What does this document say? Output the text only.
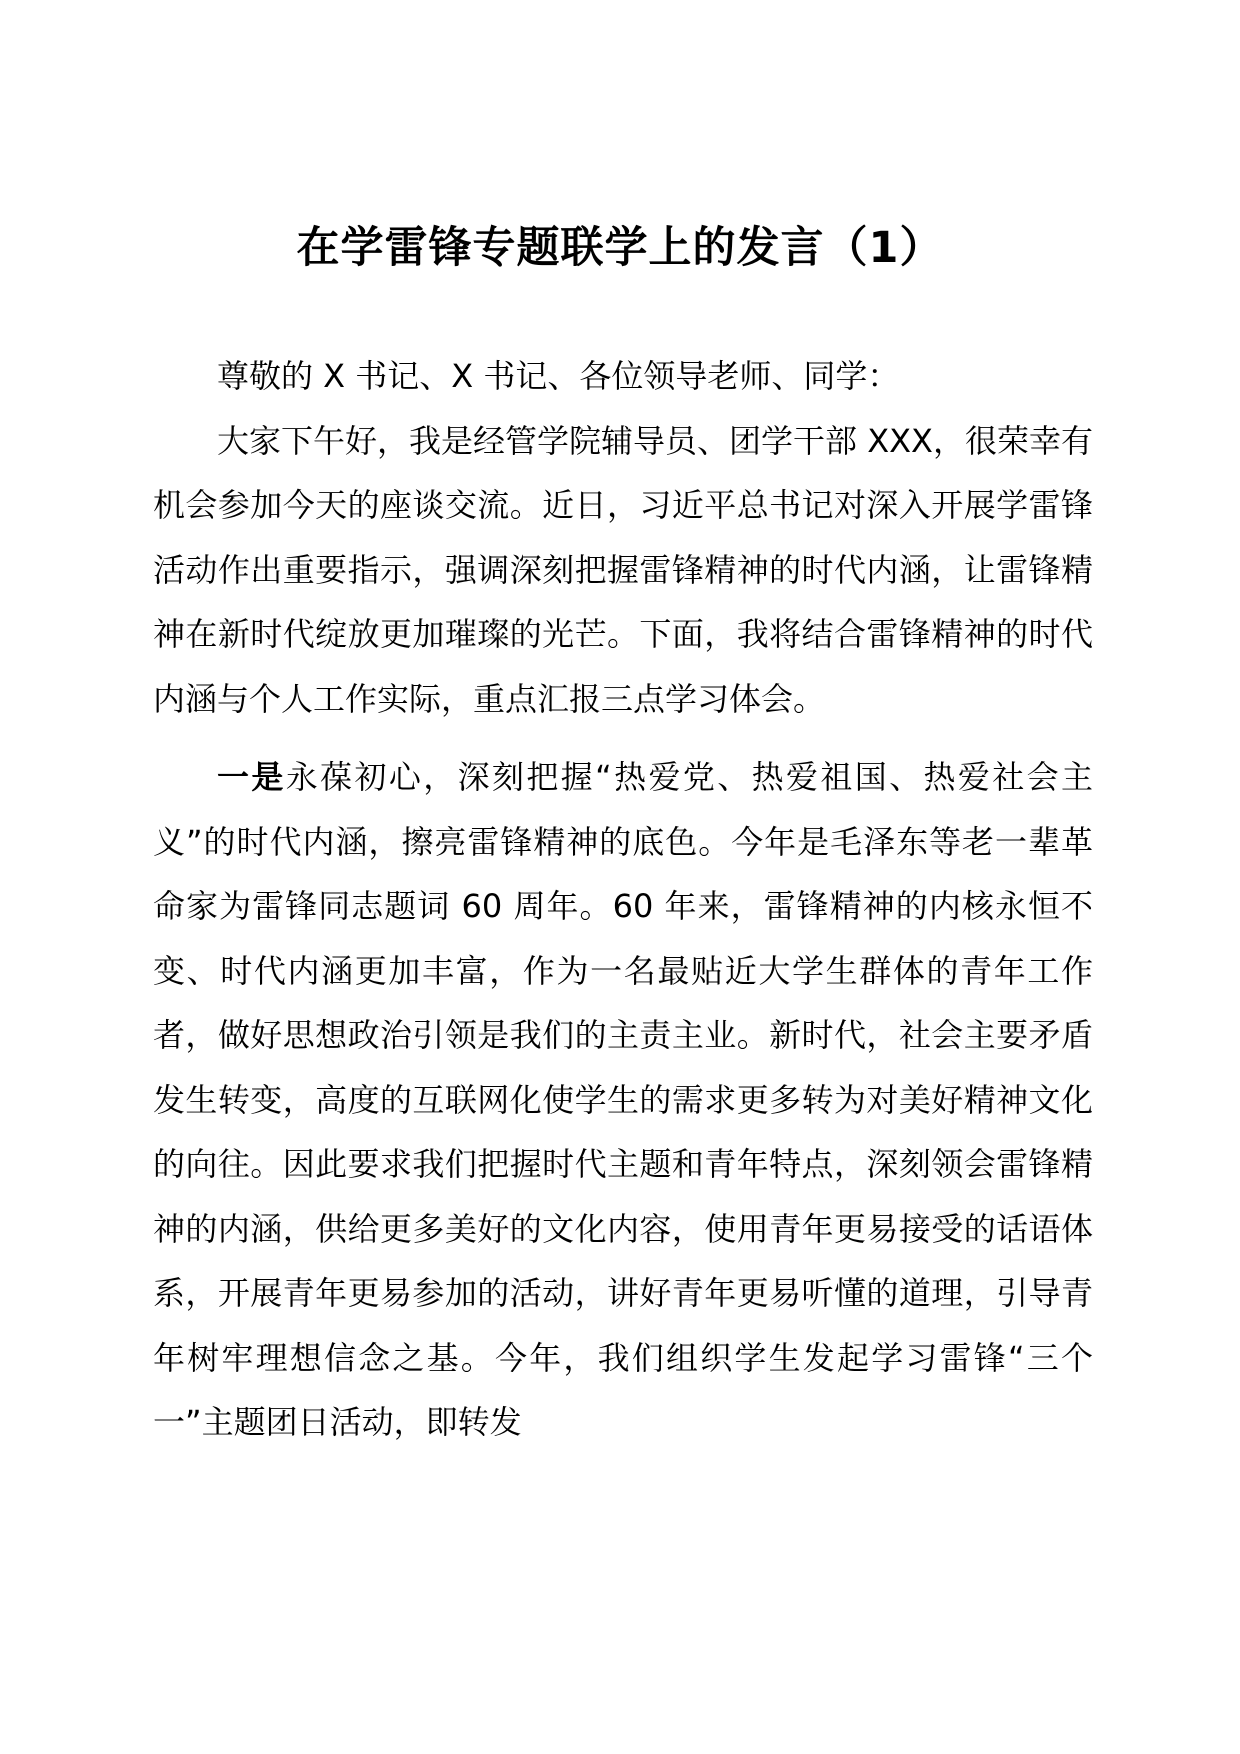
在学雷锋专题联学上的发言（1）

尊敬的 X 书记、X 书记、各位领导老师、同学：

大家下午好，我是经管学院辅导员、团学干部 XXX，很荣幸有机会参加今天的座谈交流。近日，习近平总书记对深入开展学雷锋活动作出重要指示，强调深刻把握雷锋精神的时代内涵，让雷锋精神在新时代绽放更加璀璨的光芒。下面，我将结合雷锋精神的时代内涵与个人工作实际，重点汇报三点学习体会。

一是永葆初心，深刻把握“热爱党、热爱祖国、热爱社会主义”的时代内涵，擦亮雷锋精神的底色。今年是毛泽东等老一辈革命家为雷锋同志题词 60 周年。60 年来，雷锋精神的内核永恒不变、时代内涵更加丰富，作为一名最贴近大学生群体的青年工作者，做好思想政治引领是我们的主责主业。新时代，社会主要矛盾发生转变，高度的互联网化使学生的需求更多转为对美好精神文化的向往。因此要求我们把握时代主题和青年特点，深刻领会雷锋精神的内涵，供给更多美好的文化内容，使用青年更易接受的话语体系，开展青年更易参加的活动，讲好青年更易听懂的道理，引导青年树牢理想信念之基。今年，我们组织学生发起学习雷锋“三个一”主题团日活动，即转发
